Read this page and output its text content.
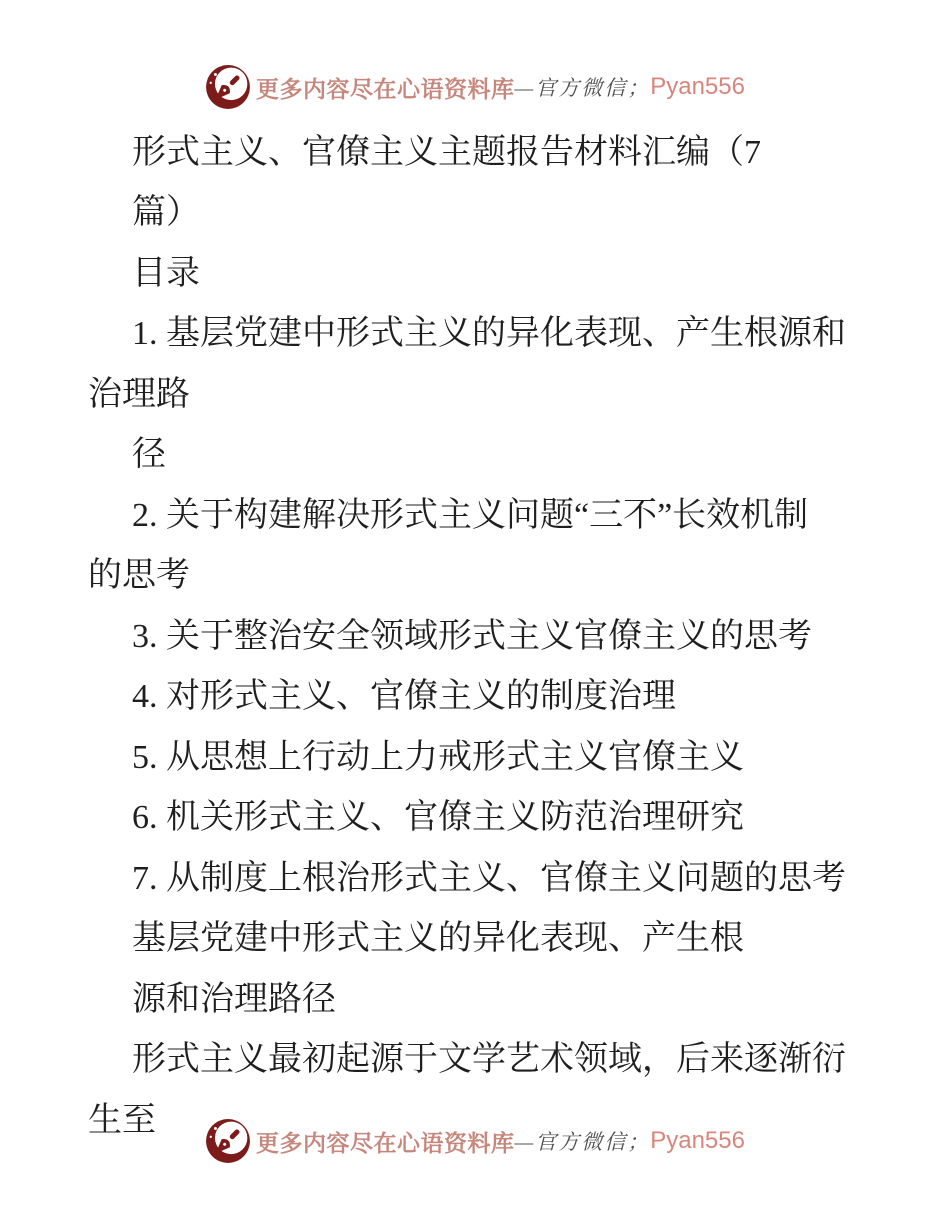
更多内容尽在心语资料库 —官方微信； Pyan556
形式主义、官僚主义主题报告材料汇编（7
篇）
目录
1. 基层党建中形式主义的异化表现、产生根源和
治理路
径
2. 关于构建解决形式主义问题“三不”长效机制
的思考
3. 关于整治安全领域形式主义官僚主义的思考
4. 对形式主义、官僚主义的制度治理
5. 从思想上行动上力戒形式主义官僚主义
6. 机关形式主义、官僚主义防范治理研究
7. 从制度上根治形式主义、官僚主义问题的思考
基层党建中形式主义的异化表现、产生根
源和治理路径
形式主义最初起源于文学艺术领域，后来逐渐衍
生至
更多内容尽在心语资料库 —官方微信； Pyan556
